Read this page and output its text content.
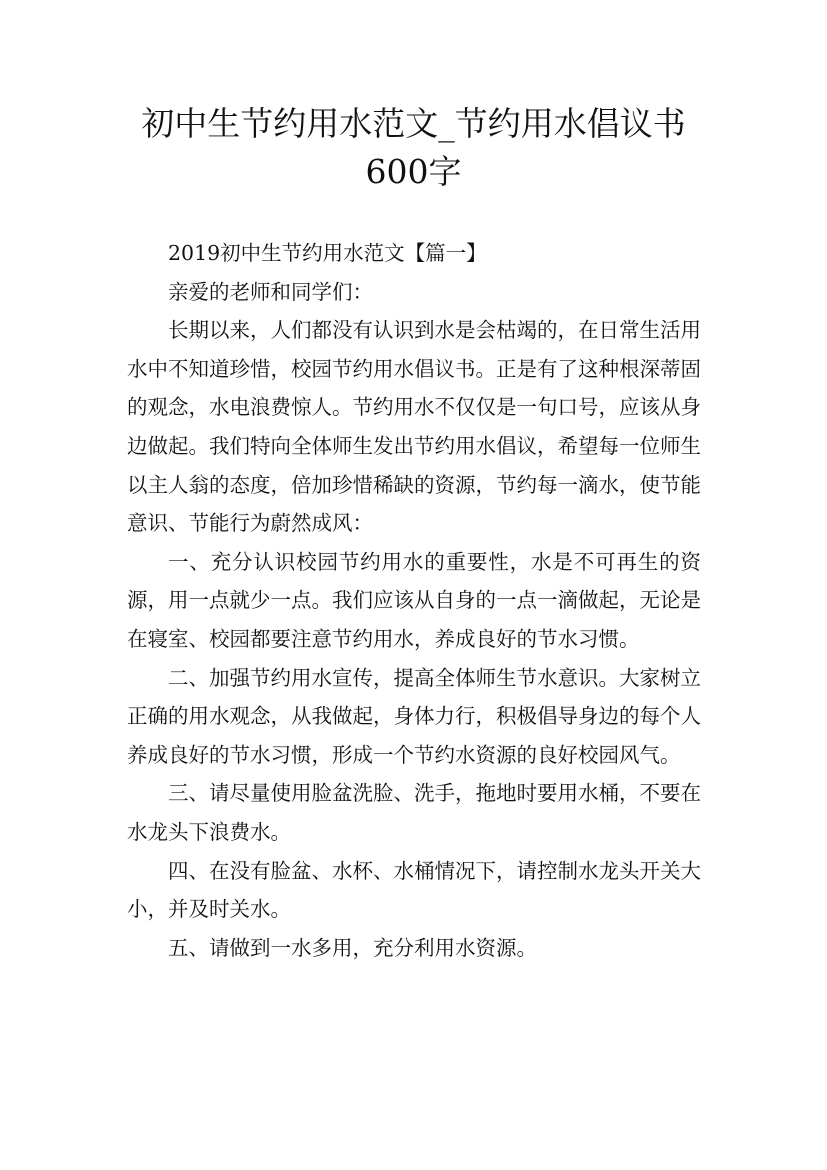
初中生节约用水范文_节约用水倡议书600字

2019初中生节约用水范文【篇一】

亲爱的老师和同学们：

长期以来，人们都没有认识到水是会枯竭的，在日常生活用水中不知道珍惜，校园节约用水倡议书。正是有了这种根深蒂固的观念，水电浪费惊人。节约用水不仅仅是一句口号，应该从身边做起。我们特向全体师生发出节约用水倡议，希望每一位师生以主人翁的态度，倍加珍惜稀缺的资源，节约每一滴水，使节能意识、节能行为蔚然成风：

一、充分认识校园节约用水的重要性，水是不可再生的资源，用一点就少一点。我们应该从自身的一点一滴做起，无论是在寝室、校园都要注意节约用水，养成良好的节水习惯。

二、加强节约用水宣传，提高全体师生节水意识。大家树立正确的用水观念，从我做起，身体力行，积极倡导身边的每个人养成良好的节水习惯，形成一个节约水资源的良好校园风气。

三、请尽量使用脸盆洗脸、洗手，拖地时要用水桶，不要在水龙头下浪费水。

四、在没有脸盆、水杯、水桶情况下，请控制水龙头开关大小，并及时关水。

五、请做到一水多用，充分利用水资源。
